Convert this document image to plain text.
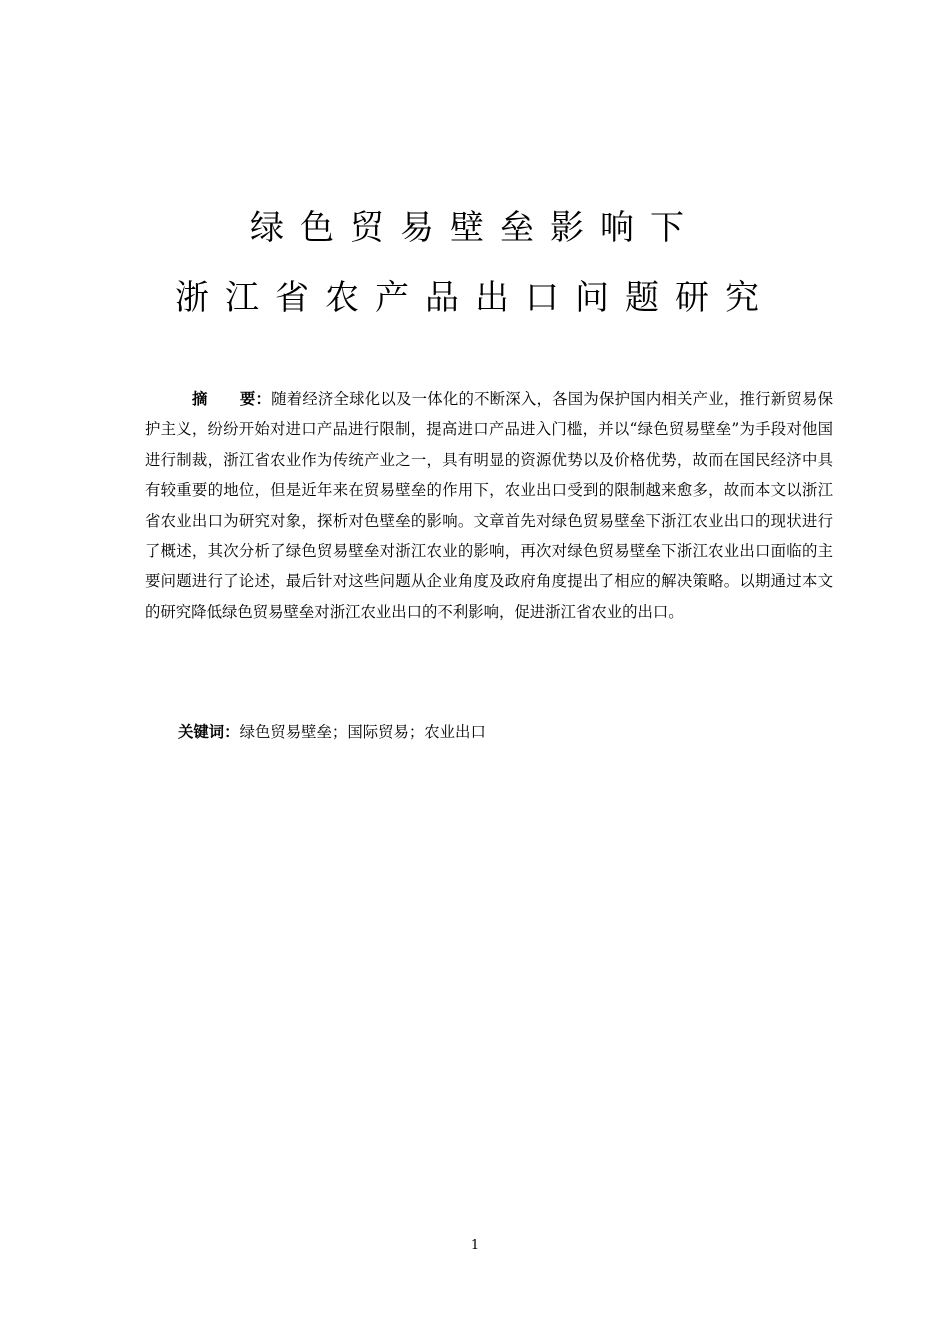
绿色贸易壁垒影响下
浙江省农产品出口问题研究
摘 要：随着经济全球化以及一体化的不断深入，各国为保护国内相关产业，推行新贸易保护主义，纷纷开始对进口产品进行限制，提高进口产品进入门槛，并以“绿色贸易壁垒”为手段对他国进行制裁，浙江省农业作为传统产业之一，具有明显的资源优势以及价格优势，故而在国民经济中具有较重要的地位，但是近年来在贸易壁垒的作用下，农业出口受到的限制越来愈多，故而本文以浙江省农业出口为研究对象，探析对色壁垒的影响。文章首先对绿色贸易壁垒下浙江农业出口的现状进行了概述，其次分析了绿色贸易壁垒对浙江农业的影响，再次对绿色贸易壁垒下浙江农业出口面临的主要问题进行了论述，最后针对这些问题从企业角度及政府角度提出了相应的解决策略。以期通过本文的研究降低绿色贸易壁垒对浙江农业出口的不利影响，促进浙江省农业的出口。
关键词：绿色贸易壁垒；国际贸易；农业出口
1
